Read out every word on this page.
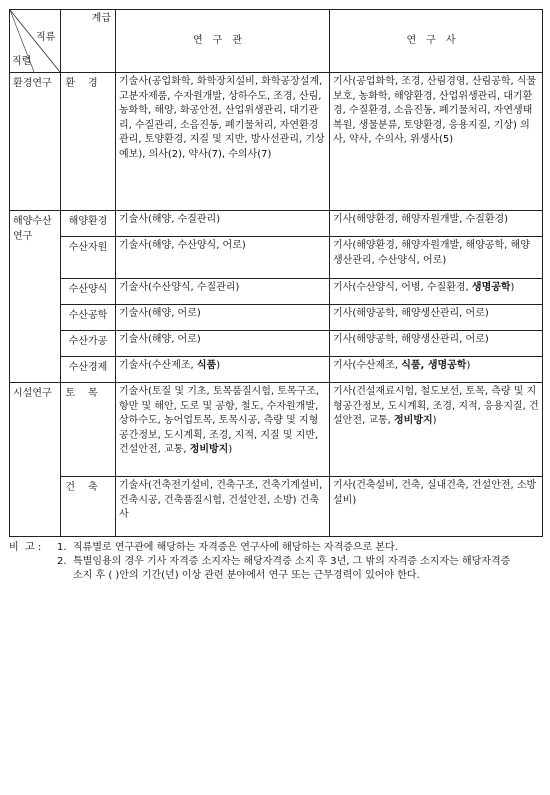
직류
직렬	계급	연구관	연구사
환경연구	환경	기술사(공업화학, 화학장치설비, 화학공장설계, 고분자제품, 수자원개발, 상하수도, 조경, 산림, 농화학, 해양, 화공안전, 산업위생관리, 대기관리, 수질관리, 소음진동, 폐기물처리, 자연환경관리, 토양환경, 지질 및 지반, 방사선관리, 기상예보), 의사(2), 약사(7), 수의사(7)	기사(공업화학, 조경, 산림경영, 산림공학, 식물보호, 농화학, 해양환경, 산업위생관리, 대기환경, 수질환경, 소음진동, 폐기물처리, 자연생태복원, 생물분류, 토양환경, 응용지질, 기상) 의사, 약사, 수의사, 위생사(5)
해양수산 연구	해양환경	기술사(해양, 수질관리)	기사(해양환경, 해양자원개발, 수질환경)
	수산자원	기술사(해양, 수산양식, 어로)	기사(해양환경, 해양자원개발, 해양공학, 해양생산관리, 수산양식, 어로)
	수산양식	기술사(수산양식, 수질관리)	기사(수산양식, 어병, 수질환경, 생명공학)
	수산공학	기술사(해양, 어로)	기사(해양공학, 해양생산관리, 어로)
	수산가공	기술사(해양, 어로)	기사(해양공학, 해양생산관리, 어로)
	수산경제	기술사(수산제조, 식품)	기사(수산제조, 식품, 생명공학)
시설연구	토목	기술사(토질 및 기초, 토목품질시험, 토목구조, 항만 및 해안, 도로 및 공항, 철도, 수자원개발, 상하수도, 농어업토목, 토목시공, 측량 및 지형공간정보, 도시계획, 조경, 지적, 지질 및 지반, 건설안전, 교통, 정비방지)	기사(건설재료시험, 철도보선, 토목, 측량 및 지형공간정보, 도시계획, 조경, 지적, 응용지질, 건설안전, 교통, 정비방지)
	건축	기술사(건축전기설비, 건축구조, 건축기계설비, 건축시공, 건축품질시험, 건설안전, 소방) 건축사	기사(건축설비, 건축, 실내건축, 건설안전, 소방설비)
비  고 :	1. 직류별로 연구관에 해당하는 자격증은 연구사에 해당하는 자격증으로 본다.
2. 특별임용의 경우 기사 자격증 소지자는 해당자격증 소지 후 3년, 그 밖의 자격증 소지자는 해당자격증
소지 후 ( )안의 기간(년) 이상 관련 분야에서 연구 또는 근무경력이 있어야 한다.
